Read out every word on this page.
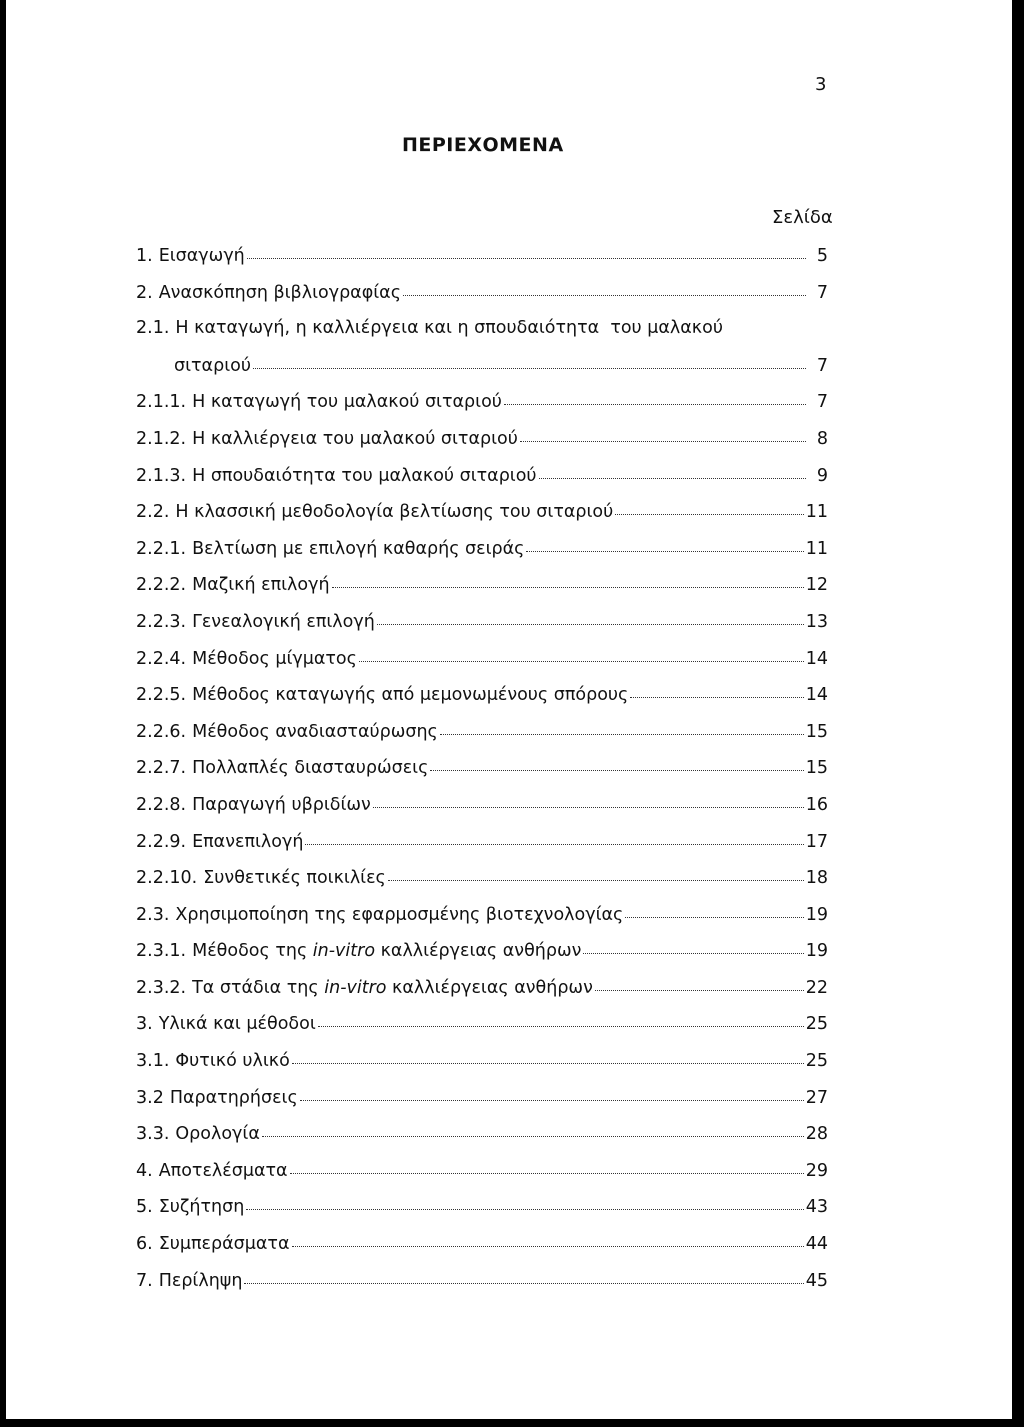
3
ΠΕΡΙΕΧΟΜΕΝΑ
Σελίδα
1. Εισαγωγή	5
2. Ανασκόπηση βιβλιογραφίας	7
2.1. Η καταγωγή, η καλλιέργεια και η σπουδαιότητα  του μαλακού
σιταριού	7
2.1.1. Η καταγωγή του μαλακού σιταριού	7
2.1.2. Η καλλιέργεια του μαλακού σιταριού	8
2.1.3. Η σπουδαιότητα του μαλακού σιταριού	9
2.2. Η κλασσική μεθοδολογία βελτίωσης του σιταριού	11
2.2.1. Βελτίωση με επιλογή καθαρής σειράς	11
2.2.2. Μαζική επιλογή	12
2.2.3. Γενεαλογική επιλογή	13
2.2.4. Μέθοδος μίγματος	14
2.2.5. Μέθοδος καταγωγής από μεμονωμένους σπόρους	14
2.2.6. Μέθοδος αναδιασταύρωσης	15
2.2.7. Πολλαπλές διασταυρώσεις	15
2.2.8. Παραγωγή υβριδίων	16
2.2.9. Επανεπιλογή	17
2.2.10. Συνθετικές ποικιλίες	18
2.3. Χρησιμοποίηση της εφαρμοσμένης βιοτεχνολογίας	19
2.3.1. Μέθοδος της in-vitro καλλιέργειας ανθήρων	19
2.3.2. Τα στάδια της in-vitro καλλιέργειας ανθήρων	22
3. Υλικά και μέθοδοι	25
3.1. Φυτικό υλικό	25
3.2 Παρατηρήσεις	27
3.3. Ορολογία	28
4. Αποτελέσματα	29
5. Συζήτηση	43
6. Συμπεράσματα	44
7. Περίληψη	45
